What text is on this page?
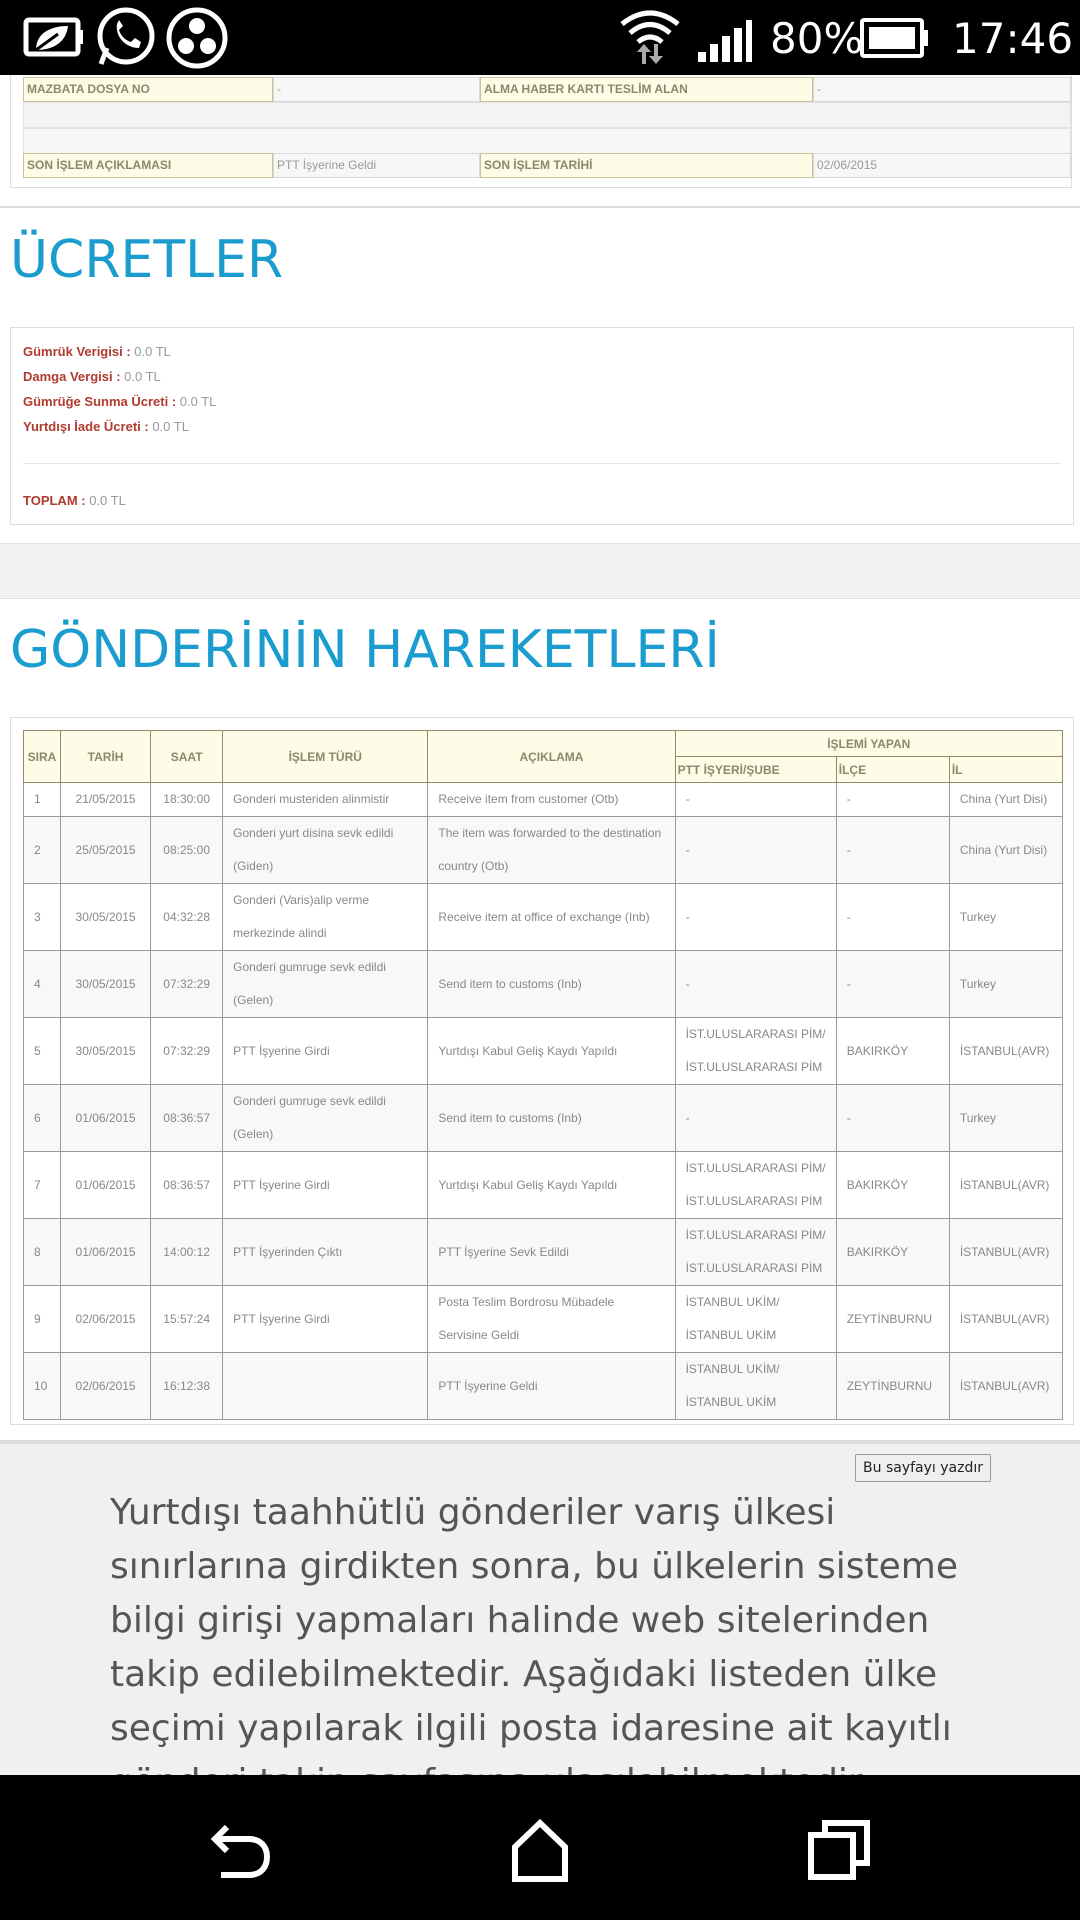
80% 17:46
MAZBATA DOSYA NO	-	ALMA HABER KARTI TESLİM ALAN	-
SON İŞLEM AÇIKLAMASI	PTT İşyerine Geldi	SON İŞLEM TARİHİ	02/06/2015
ÜCRETLER
Gümrük Verigisi : 0.0 TL
Damga Vergisi : 0.0 TL
Gümrüğe Sunma Ücreti : 0.0 TL
Yurtdışı İade Ücreti : 0.0 TL
TOPLAM : 0.0 TL
GÖNDERİNİN HAREKETLERİ
SIRA	TARİH	SAAT	İŞLEM TÜRÜ	AÇIKLAMA	İŞLEMİ YAPAN		
					PTT İŞYERİ/ŞUBE	İLÇE	İL
1	21/05/2015	18:30:00	Gonderi musteriden alinmistir	Receive item from customer (Otb)	-	-	China (Yurt Disi)
2	25/05/2015	08:25:00	Gonderi yurt disina sevk edildi (Giden)	The item was forwarded to the destination country (Otb)	-	-	China (Yurt Disi)
3	30/05/2015	04:32:28	Gonderi (Varis)alip verme merkezinde alindi	Receive item at office of exchange (Inb)	-	-	Turkey
4	30/05/2015	07:32:29	Gonderi gumruge sevk edildi (Gelen)	Send item to customs (Inb)	-	-	Turkey
5	30/05/2015	07:32:29	PTT İşyerine Girdi	Yurtdışı Kabul Geliş Kaydı Yapıldı	İST.ULUSLARARASI PİM/ İST.ULUSLARARASI PİM	BAKIRKÖY	İSTANBUL(AVR)
6	01/06/2015	08:36:57	Gonderi gumruge sevk edildi (Gelen)	Send item to customs (Inb)	-	-	Turkey
7	01/06/2015	08:36:57	PTT İşyerine Girdi	Yurtdışı Kabul Geliş Kaydı Yapıldı	İST.ULUSLARARASI PİM/ İST.ULUSLARARASI PİM	BAKIRKÖY	İSTANBUL(AVR)
8	01/06/2015	14:00:12	PTT İşyerinden Çıktı	PTT İşyerine Sevk Edildi	İST.ULUSLARARASI PİM/ İST.ULUSLARARASI PİM	BAKIRKÖY	İSTANBUL(AVR)
9	02/06/2015	15:57:24	PTT İşyerine Girdi	Posta Teslim Bordrosu Mübadele Servisine Geldi	İSTANBUL UKİM/ İSTANBUL UKİM	ZEYTİNBURNU	İSTANBUL(AVR)
10	02/06/2015	16:12:38		PTT İşyerine Geldi	İSTANBUL UKİM/ İSTANBUL UKİM	ZEYTİNBURNU	İSTANBUL(AVR)
Bu sayfayı yazdır
Yurtdışı taahhütlü gönderiler varış ülkesi sınırlarına girdikten sonra, bu ülkelerin sisteme bilgi girişi yapmaları halinde web sitelerinden takip edilebilmektedir. Aşağıdaki listeden ülke seçimi yapılarak ilgili posta idaresine ait kayıtlı
